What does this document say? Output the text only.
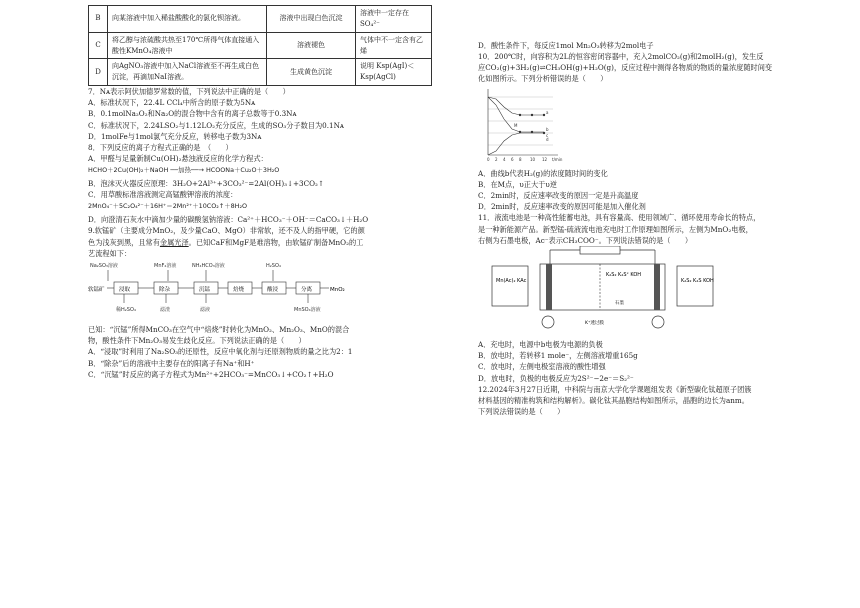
B	向某溶液中加入稀盐酸酸化的氯化钡溶液。	溶液中出现白色沉淀	溶液中一定存在SO₄²⁻
C	将乙醇与浓硫酸共热至170℃所得气体直接通入酸性KMnO₄溶液中	溶液褪色	气体中不一定含有乙烯
D	向AgNO₃溶液中加入NaCl溶液至不再生成白色沉淀，再滴加NaI溶液。	生成黄色沉淀	说明 Ksp(AgI)＜Ksp(AgCl)

7．Nᴀ表示阿伏加德罗常数的值，下列说法中正确的是（　　）

A．标准状况下，22.4L CCl₄中所含的原子数为5Nᴀ

B．0.1molNa₂O₂和Na₂O的混合物中含有的离子总数等于0.3Nᴀ

C．标准状况下，2.24LSO₂与1.12LO₂充分反应，生成的SO₃分子数目为0.1Nᴀ

D．1molFe与1mol氯气充分反应，转移电子数为3Nᴀ

8．下列反应的离子方程式正确的是　（　　）

A．甲醛与足量新制Cu(OH)₂悬浊液反应的化学方程式：

HCHO＋2Cu(OH)₂＋NaOH ──加热──→ HCOONa＋Cu₂O＋3H₂O

B．泡沫灭火器反应原理：3H₂O+2Al³⁺+3CO₃²⁻=2Al(OH)₃↓+3CO₂↑

C．用草酸标准溶液测定高锰酸钾溶液的浓度：

2MnO₄⁻＋5C₂O₄²⁻＋16H⁺＝2Mn²⁺＋10CO₂↑＋8H₂O

D．向澄清石灰水中滴加少量的碳酸氢钠溶液：Ca²⁺＋HCO₃⁻＋OH⁻＝CaCO₃↓＋H₂O

9.软锰矿（主要成分MnO₂，及少量CaO、MgO）非常软，还不及人的指甲硬，它的颜

色为浅灰到黑，且常有金属光泽。已知CaF和MgF是难溶物，由软锰矿制备MnO₂的工

艺流程如下：

Na₂SO₃溶液	MnF₂溶液	NH₄HCO₃溶液	H₂SO₄
软锰矿	浸取	除杂	沉锰	焙烧	酸浸	分离	MnO₂
稀H₂SO₄	滤渣	滤液	MnSO₄溶液

已知：“沉锰”所得MnCO₃在空气中“焙烧”时转化为MnO₂、Mn₂O₃、MnO的混合

物，酸性条件下Mn₂O₃易发生歧化反应。下列说法正确的是（　　）

A．“浸取”时利用了Na₂SO₃的还原性，反应中氧化剂与还原剂物质的量之比为2：1

B．“除杂”后的溶液中主要存在的阳离子有Na⁺和H⁺

C．“沉锰”时反应的离子方程式为Mn²⁺+2HCO₃⁻=MnCO₃↓+CO₂↑+H₂O

D．酸性条件下，每反应1mol Mn₂O₃转移为2mol电子

10．200℃时，向容积为2L的恒容密闭容器中，充入2molCO₂(g)和2molH₂(g)，发生反

应CO₂(g)+3H₂(g)⇌CH₃OH(g)+H₂O(g)，反应过程中测得各物质的物质的量浓度随时间变

化如图所示。下列分析错误的是（　　）

0 2 4 6 8 10 12 t/min
a
b
c
d
M

A．曲线b代表H₂(g)的浓度随时间的变化

B．在M点，υ正大于υ逆

C．2min时，反应速率改变的原因一定是升高温度

D．2min时，反应速率改变的原因可能是加入催化剂

11．液流电池是一种高性能蓄电池，具有容量高、使用领域广、循环使用寿命长的特点，

是一种新能源产品。新型锰-硫液流电池充电时工作原理如图所示，左侧为MnO₂电极，

右侧为石墨电极，Ac⁻表示CH₃COO⁻。下列说法错误的是（　　）

Mn(Ac)₂ KAc
K₂S₂ K₂Sˣ KOH
石墨
K₂S₂ K₂S KOH
K⁺透过膜

A．充电时，电源中b电极为电源的负极

B．放电时，若转移1 mole⁻，左侧溶液增重165g

C．放电时，左侧电极室溶液的酸性增强

D．放电时，负极的电极反应为2S²⁻−2e⁻＝S₂²⁻

12.2024年3月27日近期，中科院与南京大学化学课题组发表《新型碳化钛超原子团簇

材料基因的精准构筑和结构解析》。碳化钛其晶胞结构如图所示，晶胞的边长为anm。

下列说法错误的是（　　）
